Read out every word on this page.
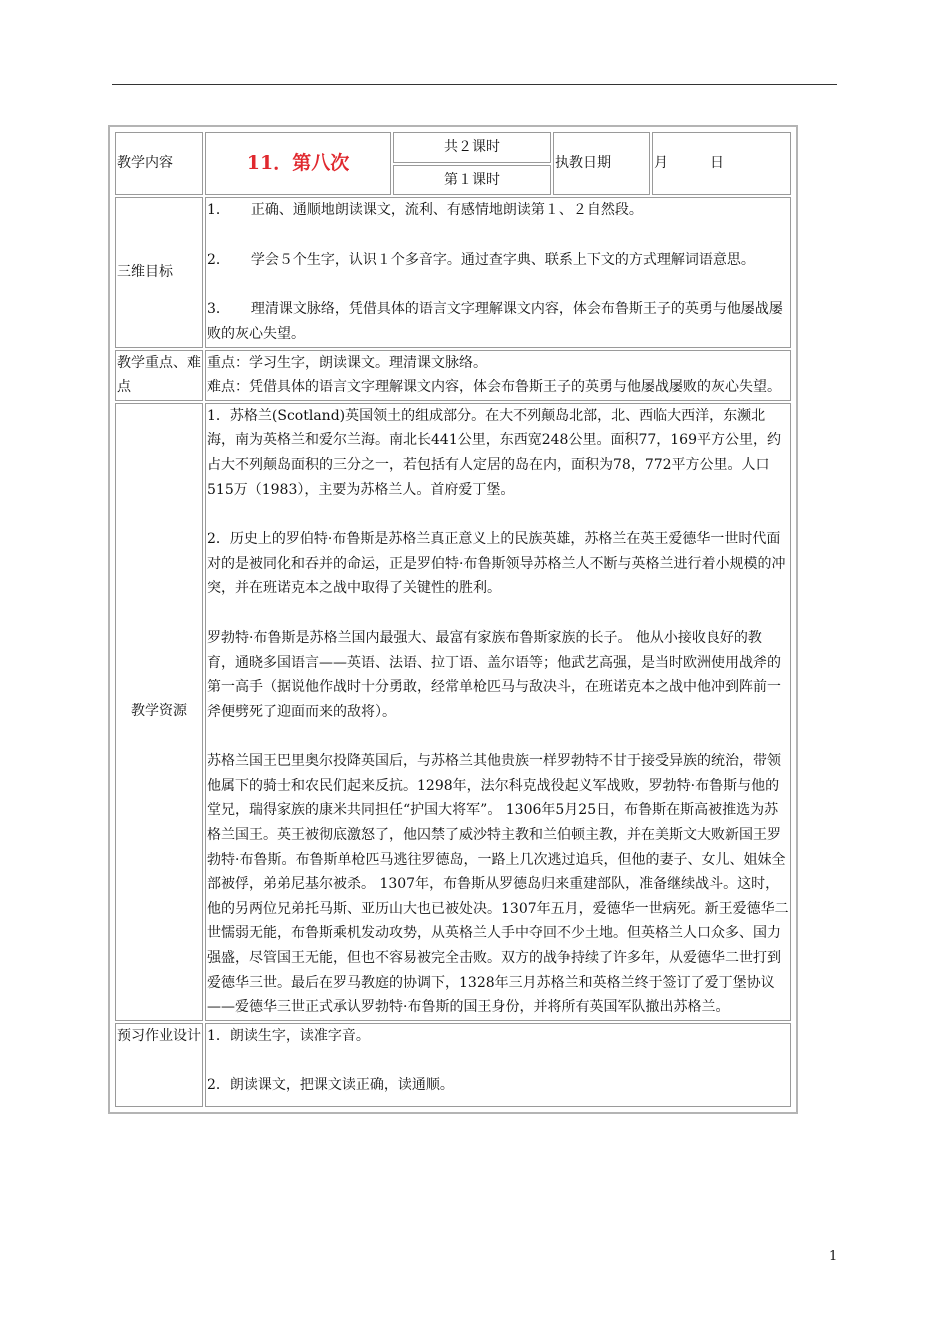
教学内容	11．第八次	共２课时	执教日期	月　　　日
		第１课时		
三维目标	1．　　正确、通顺地朗读课文，流利、有感情地朗读第１、２自然段。

2．　　学会５个生字，认识１个多音字。通过查字典、联系上下文的方式理解词语意思。

3．　　理清课文脉络，凭借具体的语言文字理解课文内容，体会布鲁斯王子的英勇与他屡战屡败的灰心失望。			

教学重点、难点	重点：学习生字，朗读课文。理清课文脉络。

难点：凭借具体的语言文字理解课文内容，体会布鲁斯王子的英勇与他屡战屡败的灰心失望。			

教学资源	1．苏格兰(Scotland)英国领土的组成部分。在大不列颠岛北部，北、西临大西洋，东濒北海，南为英格兰和爱尔兰海。南北长441公里，东西宽248公里。面积77，169平方公里，约占大不列颠岛面积的三分之一，若包括有人定居的岛在内，面积为78，772平方公里。人口515万（1983），主要为苏格兰人。首府爱丁堡。

2．历史上的罗伯特·布鲁斯是苏格兰真正意义上的民族英雄，苏格兰在英王爱德华一世时代面对的是被同化和吞并的命运，正是罗伯特·布鲁斯领导苏格兰人不断与英格兰进行着小规模的冲突，并在班诺克本之战中取得了关键性的胜利。

罗勃特·布鲁斯是苏格兰国内最强大、最富有家族布鲁斯家族的长子。 他从小接收良好的教育，通晓多国语言——英语、法语、拉丁语、盖尔语等；他武艺高强，是当时欧洲使用战斧的第一高手（据说他作战时十分勇敢，经常单枪匹马与敌决斗，在班诺克本之战中他冲到阵前一斧便劈死了迎面而来的敌将）。

苏格兰国王巴里奥尔投降英国后，与苏格兰其他贵族一样罗勃特不甘于接受异族的统治，带领他属下的骑士和农民们起来反抗。1298年，法尔科克战役起义军战败，罗勃特·布鲁斯与他的堂兄，瑞得家族的康米共同担任“护国大将军”。 1306年5月25日，布鲁斯在斯高被推选为苏格兰国王。英王被彻底激怒了，他囚禁了威沙特主教和兰伯顿主教，并在美斯文大败新国王罗勃特·布鲁斯。布鲁斯单枪匹马逃往罗德岛，一路上几次逃过追兵，但他的妻子、女儿、姐妹全部被俘，弟弟尼基尔被杀。 1307年，布鲁斯从罗德岛归来重建部队，准备继续战斗。这时，他的另两位兄弟托马斯、亚历山大也已被处决。1307年五月，爱德华一世病死。新王爱德华二世懦弱无能，布鲁斯乘机发动攻势，从英格兰人手中夺回不少土地。但英格兰人口众多、国力强盛，尽管国王无能，但也不容易被完全击败。双方的战争持续了许多年，从爱德华二世打到爱德华三世。最后在罗马教庭的协调下，1328年三月苏格兰和英格兰终于签订了爱丁堡协议——爱德华三世正式承认罗勃特·布鲁斯的国王身份，并将所有英国军队撤出苏格兰。			

预习作业设计	1．朗读生字，读准字音。

2．朗读课文，把课文读正确，读通顺。			

1
